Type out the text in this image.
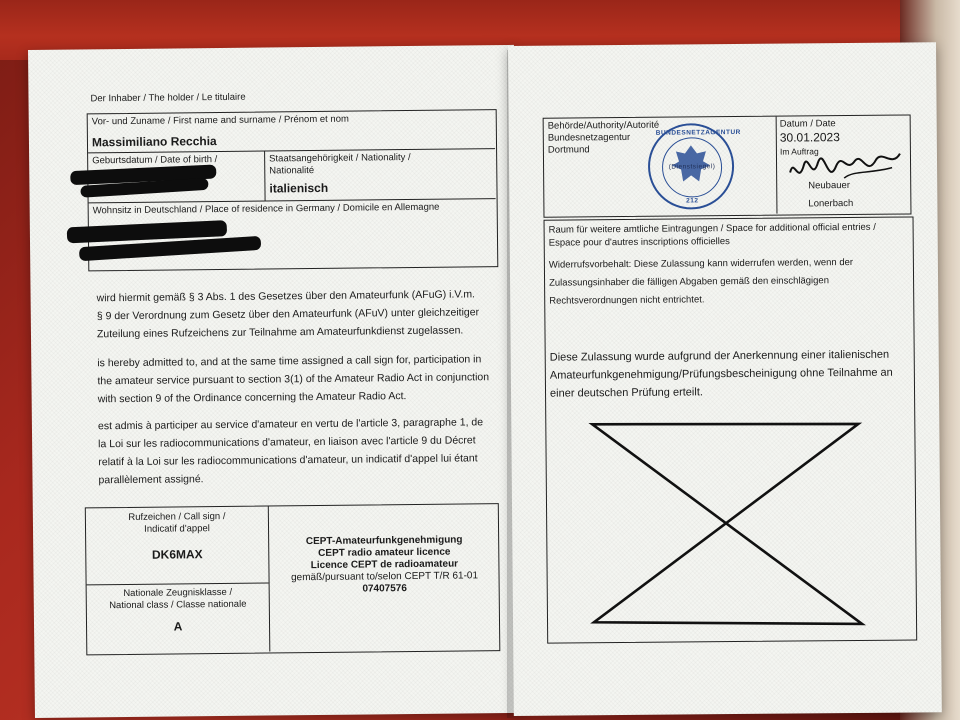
Der Inhaber / The holder / Le titulaire
Vor- und Zuname / First name and surname / Prénom et nom
Massimiliano Recchia
Geburtsdatum / Date of birth /	Staatsangehörigkeit / Nationality /
Nationalité
italienisch
Wohnsitz in Deutschland / Place of residence in Germany / Domicile en Allemagne
wird hiermit gemäß § 3 Abs. 1 des Gesetzes über den Amateurfunk (AFuG) i.V.m.
§ 9 der Verordnung zum Gesetz über den Amateurfunk (AFuV) unter gleichzeitiger
Zuteilung eines Rufzeichens zur Teilnahme am Amateurfunkdienst zugelassen.
is hereby admitted to, and at the same time assigned a call sign for, participation in
the amateur service pursuant to section 3(1) of the Amateur Radio Act in conjunction
with section 9 of the Ordinance concerning the Amateur Radio Act.
est admis à participer au service d'amateur en vertu de l'article 3, paragraphe 1, de
la Loi sur les radiocommunications d'amateur, en liaison avec l'article 9 du Décret
relatif à la Loi sur les radiocommunications d'amateur, un indicatif d'appel lui étant
parallèlement assigné.
Rufzeichen / Call sign /
Indicatif d'appel
DK6MAX
Nationale Zeugnisklasse /
National class / Classe nationale
A
CEPT-Amateurfunkgenehmigung
CEPT radio amateur licence
Licence CEPT de radioamateur
gemäß/pursuant to/selon CEPT T/R 61-01
07407576
Behörde/Authority/Autorité
Bundesnetzagentur
Dortmund
BUNDESNETZAGENTUR
(Dienstsiegel)
212
Datum / Date
30.01.2023
Im Auftrag
Neubauer
Lonerbach
Raum für weitere amtliche Eintragungen / Space for additional official entries /
Espace pour d'autres inscriptions officielles
Widerrufsvorbehalt: Diese Zulassung kann widerrufen werden, wenn der
Zulassungsinhaber die fälligen Abgaben gemäß den einschlägigen
Rechtsverordnungen nicht entrichtet.
Diese Zulassung wurde aufgrund der Anerkennung einer italienischen
Amateurfunkgenehmigung/Prüfungsbescheinigung ohne Teilnahme an
einer deutschen Prüfung erteilt.
